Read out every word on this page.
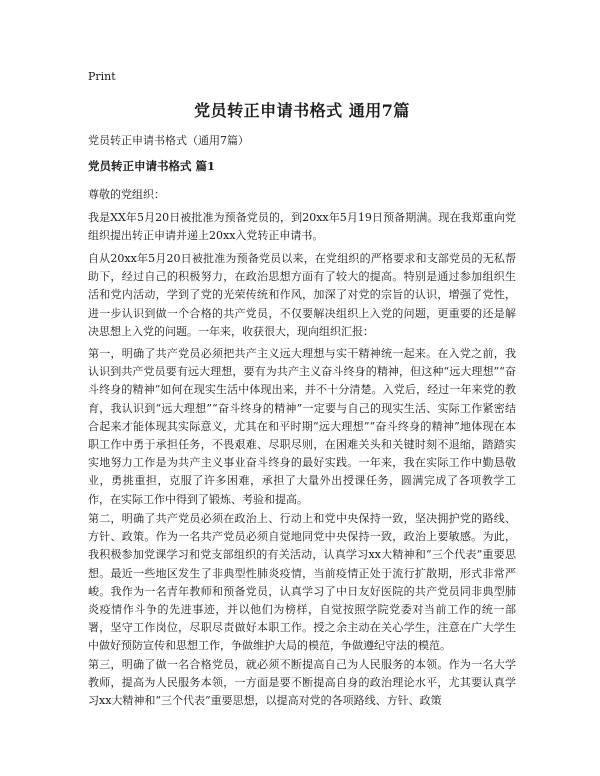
Print
党员转正申请书格式 通用7篇
党员转正申请书格式（通用7篇）
党员转正申请书格式 篇1
尊敬的党组织：

我是XX年5月20日被批准为预备党员的，到20xx年5月19日预备期满。现在我郑重向党组织提出转正申请并递上20xx入党转正申请书。

自从20xx年5月20日被批准为预备党员以来，在党组织的严格要求和支部党员的无私帮助下，经过自己的积极努力，在政治思想方面有了较大的提高。特别是通过参加组织生活和党内活动，学到了党的光荣传统和作风，加深了对党的宗旨的认识，增强了党性，进一步认识到做一个合格的共产党员，不仅要解决组织上入党的问题，更重要的还是解决思想上入党的问题。一年来，收获很大，现向组织汇报：

第一，明确了共产党员必须把共产主义远大理想与实干精神统一起来。在入党之前，我认识到共产党员要有远大理想，要有为共产主义奋斗终身的精神，但这种“远大理想”“奋斗终身的精神”如何在现实生活中体现出来，并不十分清楚。入党后，经过一年来党的教育，我认识到“远大理想”“奋斗终身的精神”一定要与自己的现实生活、实际工作紧密结合起来才能体现其实际意义，尤其在和平时期“远大理想”“奋斗终身的精神”地体现在本职工作中勇于承担任务，不畏艰难、尽职尽则，在困难关头和关键时刻不退缩，踏踏实实地努力工作是为共产主义事业奋斗终身的最好实践。一年来，我在实际工作中勤恳敬业，勇挑重担，克服了许多困难，承担了大量外出授课任务，圆满完成了各项教学工作，在实际工作中得到了锻炼、考验和提高。

第二，明确了共产党员必须在政治上、行动上和党中央保持一致，坚决拥护党的路线、方针、政策。作为一名共产党员必须自觉地同党中央保持一致，政治上要敏感。为此，我积极参加党课学习和党支部组织的有关活动，认真学习xx大精神和“三个代表”重要思想。最近一些地区发生了非典型性肺炎疫情，当前疫情正处于流行扩散期，形式非常严峻。我作为一名青年教师和预备党员，认真学习了中日友好医院的共产党员同非典型肺炎疫情作斗争的先进事迹，并以他们为榜样，自觉按照学院党委对当前工作的统一部署，坚守工作岗位，尽职尽责做好本职工作。授之余主动在关心学生，注意在广大学生中做好预防宣传和思想工作，争做维护大局的模范，争做遵纪守法的模范。

第三，明确了做一名合格党员，就必须不断提高自己为人民服务的本领。作为一名大学教师，提高为人民服务本领，一方面是要不断提高自身的政治理论水平，尤其要认真学习xx大精神和“三个代表”重要思想，以提高对党的各项路线、方针、政策
